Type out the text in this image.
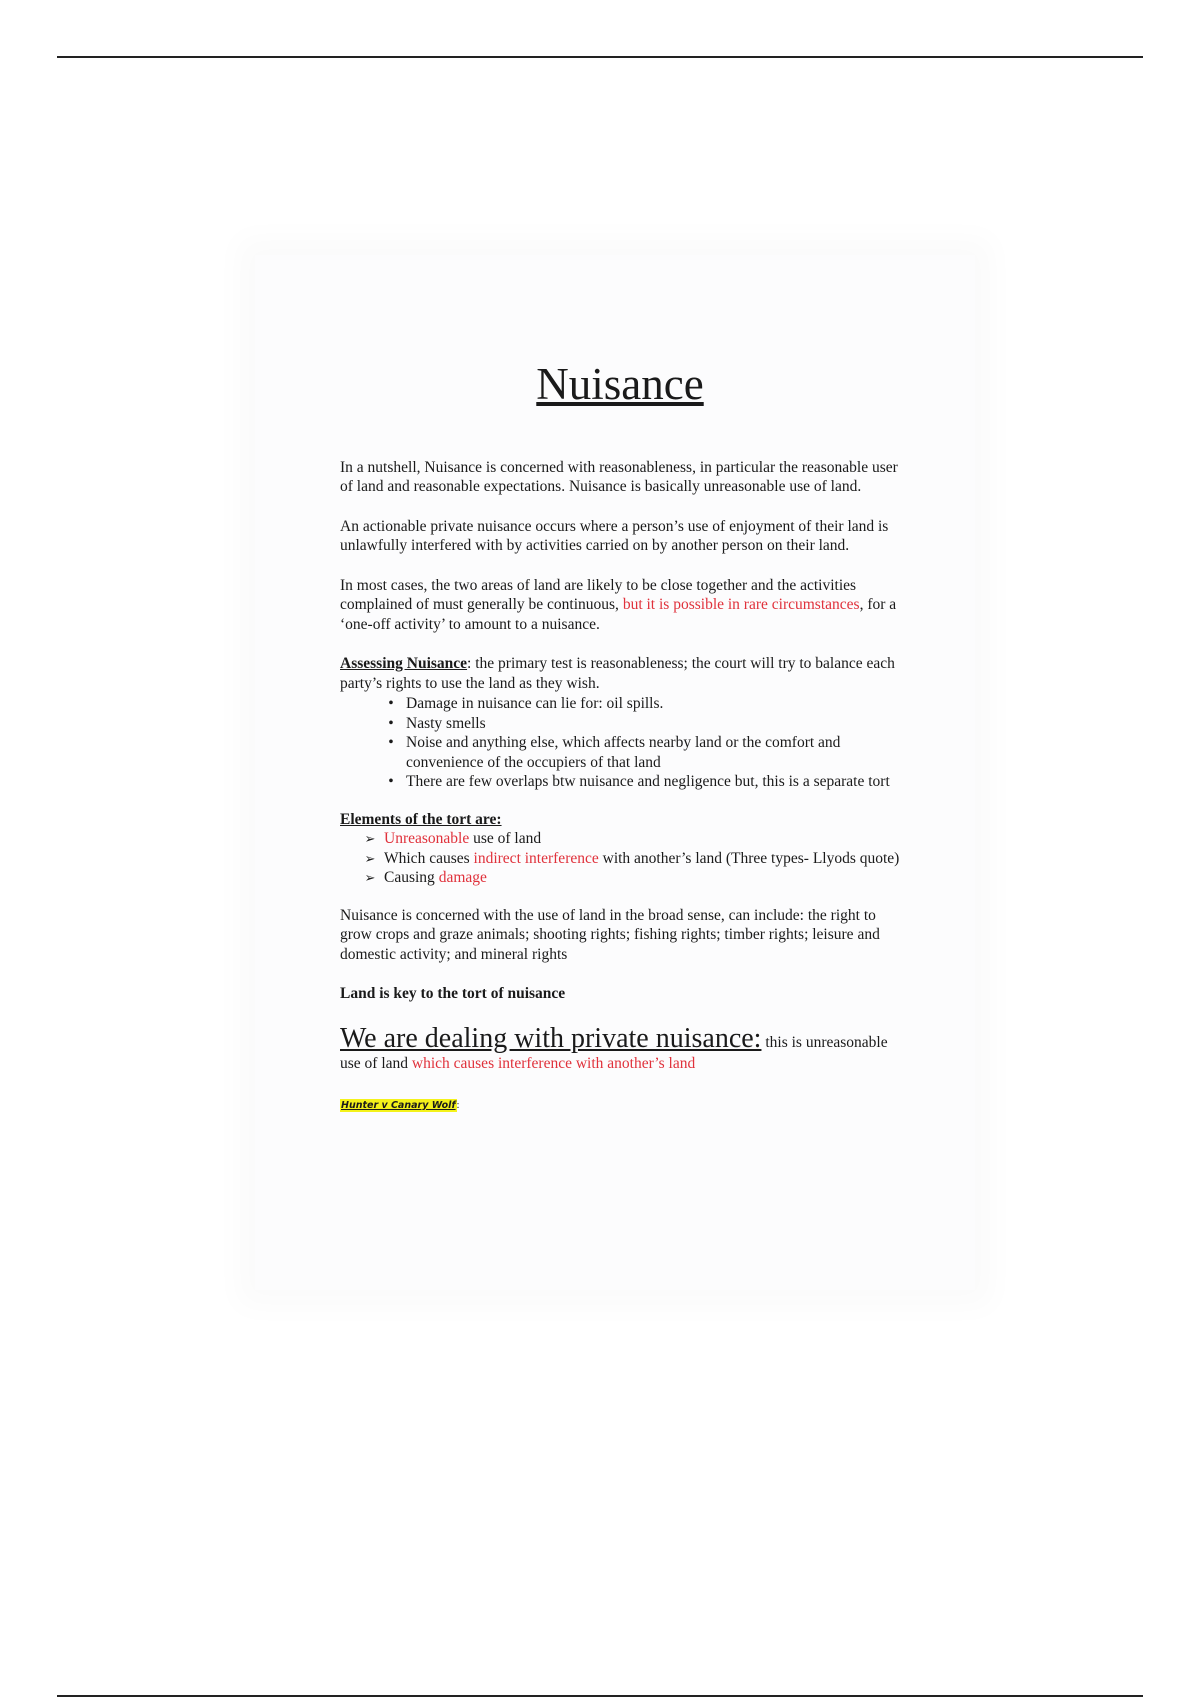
Nuisance

In a nutshell, Nuisance is concerned with reasonableness, in particular the reasonable user of land and reasonable expectations. Nuisance is basically unreasonable use of land.

An actionable private nuisance occurs where a person’s use of enjoyment of their land is unlawfully interfered with by activities carried on by another person on their land.

In most cases, the two areas of land are likely to be close together and the activities complained of must generally be continuous, but it is possible in rare circumstances, for a ‘one-off activity’ to amount to a nuisance.

Assessing Nuisance: the primary test is reasonableness; the court will try to balance each party’s rights to use the land as they wish.

• Damage in nuisance can lie for: oil spills.
• Nasty smells
• Noise and anything else, which affects nearby land or the comfort and convenience of the occupiers of that land
• There are few overlaps btw nuisance and negligence but, this is a separate tort

Elements of the tort are:

➢ Unreasonable use of land
➢ Which causes indirect interference with another’s land (Three types- Llyods quote)
➢ Causing damage

Nuisance is concerned with the use of land in the broad sense, can include: the right to grow crops and graze animals; shooting rights; fishing rights; timber rights; leisure and domestic activity; and mineral rights

Land is key to the tort of nuisance

We are dealing with private nuisance: this is unreasonable use of land which causes interference with another’s land

Hunter v Canary Wolf:
